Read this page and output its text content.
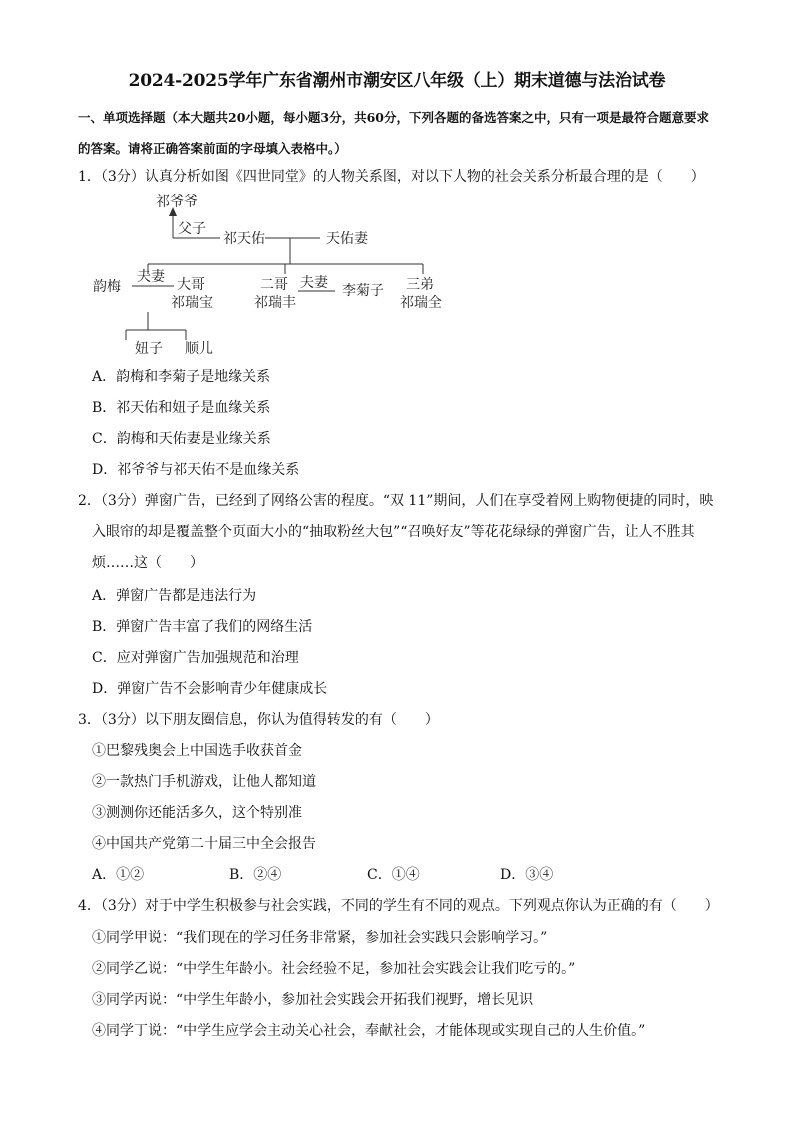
2024-2025学年广东省潮州市潮安区八年级（上）期末道德与法治试卷
一、单项选择题（本大题共20小题，每小题3分，共60分，下列各题的备选答案之中，只有一项是最符合题意要求的答案。请将正确答案前面的字母填入表格中。）
1．（3分）认真分析如图《四世同堂》的人物关系图，对以下人物的社会关系分析最合理的是（　　）
祁爷爷
父子
祁天佑	天佑妻
韵梅
夫妻 大哥
祁瑞宝
二哥
祁瑞丰
夫妻 李菊子 三弟
祁瑞全
妞子 顺儿
A．韵梅和李菊子是地缘关系
B．祁天佑和妞子是血缘关系
C．韵梅和天佑妻是业缘关系
D．祁爷爷与祁天佑不是血缘关系
2．（3分）弹窗广告，已经到了网络公害的程度。“双 11”期间，人们在享受着网上购物便捷的同时，映
入眼帘的却是覆盖整个页面大小的“抽取粉丝大包”“召唤好友”等花花绿绿的弹窗广告，让人不胜其
烦……这（　　）
A．弹窗广告都是违法行为
B．弹窗广告丰富了我们的网络生活
C．应对弹窗广告加强规范和治理
D．弹窗广告不会影响青少年健康成长
3．（3分）以下朋友圈信息，你认为值得转发的有（　　）
①巴黎残奥会上中国选手收获首金
②一款热门手机游戏，让他人都知道
③测测你还能活多久，这个特别准
④中国共产党第二十届三中全会报告
A．①②	B．②④	C．①④	D．③④
4．（3分）对于中学生积极参与社会实践，不同的学生有不同的观点。下列观点你认为正确的有（　　）
①同学甲说：“我们现在的学习任务非常紧，参加社会实践只会影响学习。”
②同学乙说：“中学生年龄小。社会经验不足，参加社会实践会让我们吃亏的。”
③同学丙说：“中学生年龄小，参加社会实践会开拓我们视野，增长见识
④同学丁说：“中学生应学会主动关心社会，奉献社会，才能体现或实现自己的人生价值。”
